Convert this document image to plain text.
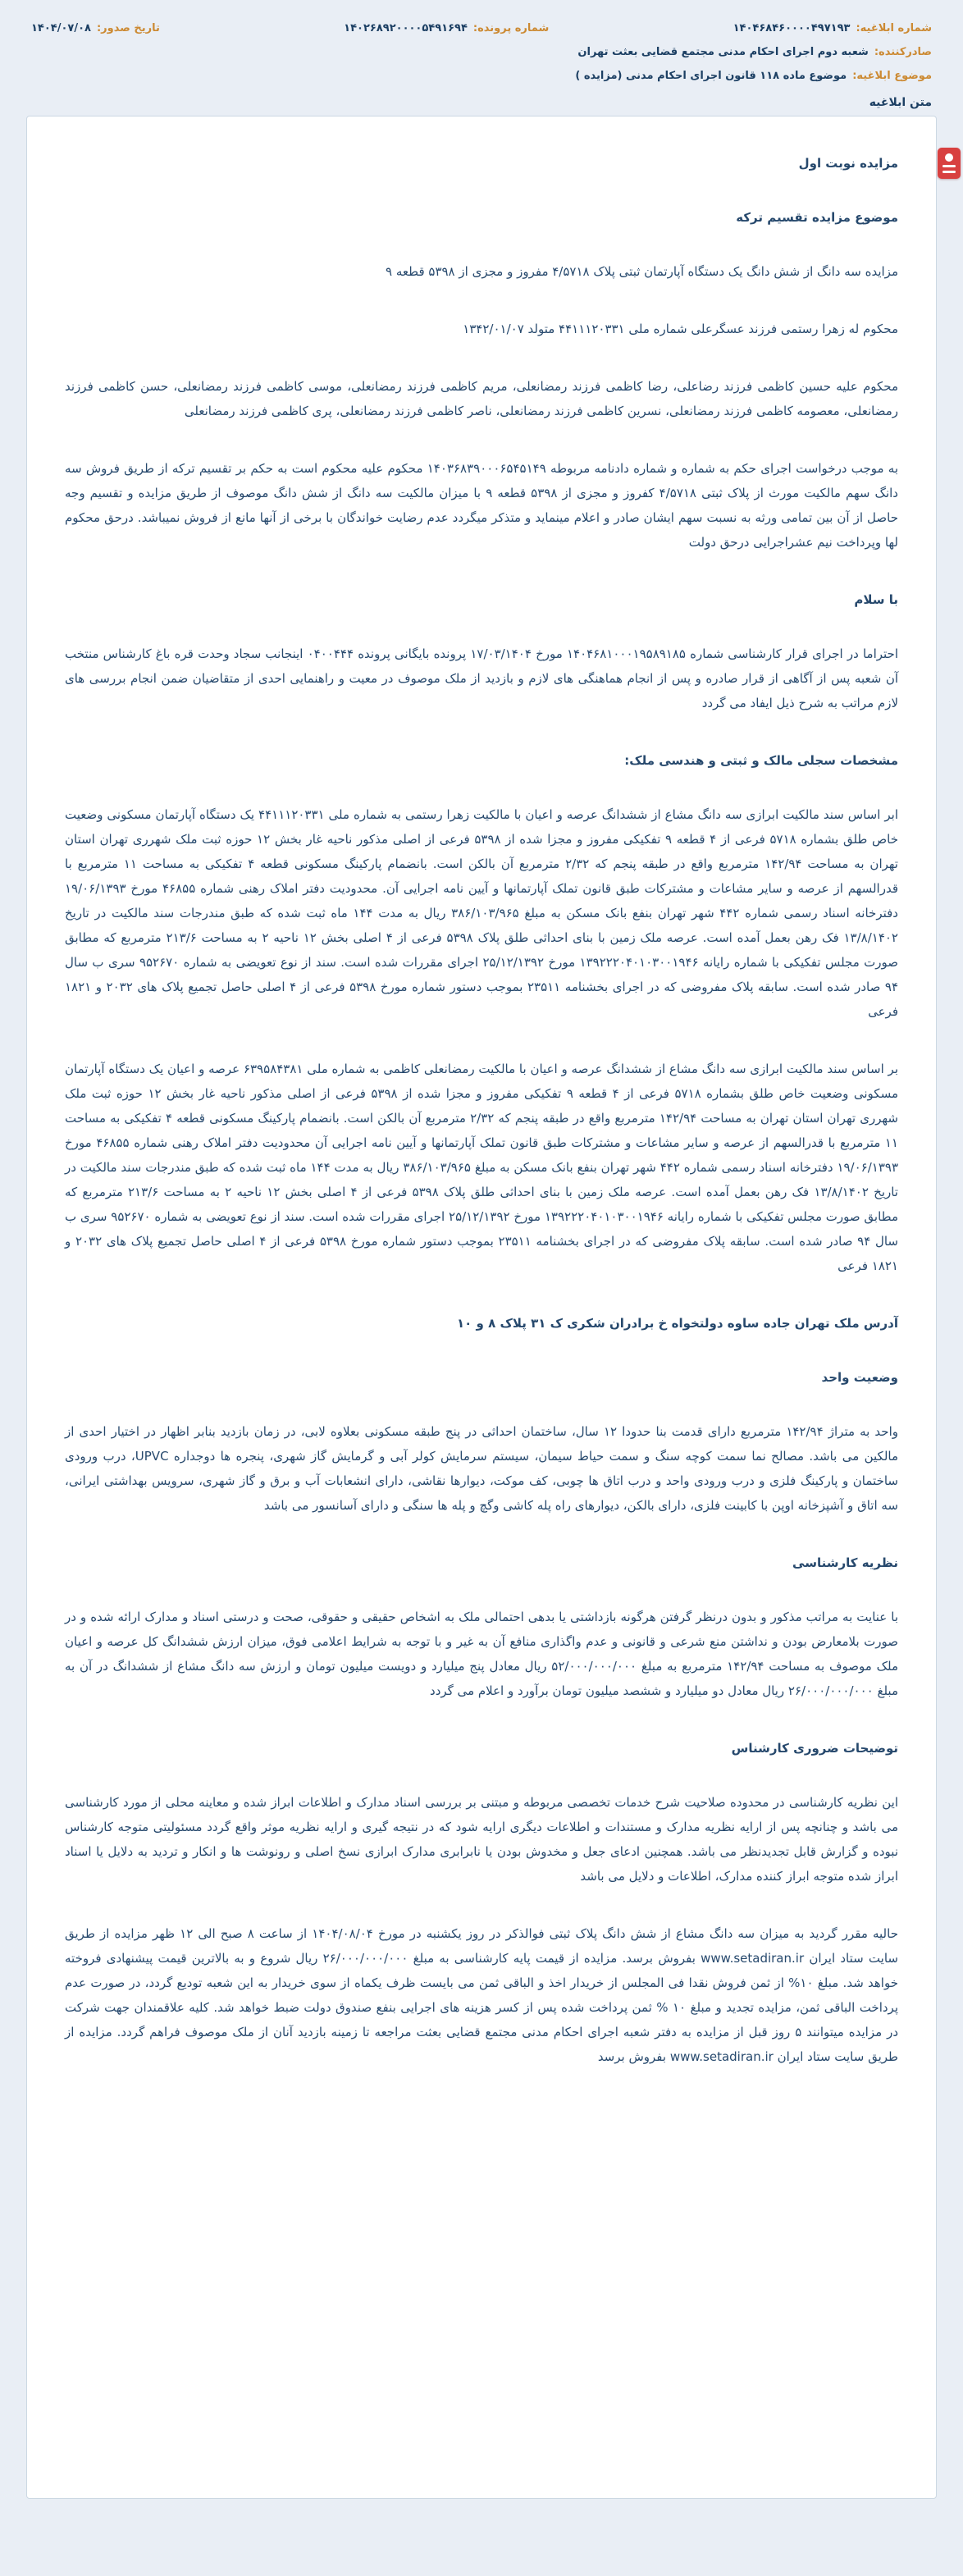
شماره ابلاغیه:
۱۴۰۴۶۸۴۶۰۰۰۰۴۹۷۱۹۳
شماره پرونده:
۱۴۰۲۶۸۹۲۰۰۰۰۵۴۹۱۶۹۴
تاریخ صدور:
۱۴۰۴/۰۷/۰۸
صادرکننده:
شعبه دوم اجرای احکام مدنی مجتمع قضایی بعثت تهران
موضوع ابلاغیه:
موضوع ماده ۱۱۸ قانون اجرای احکام مدنی (مزایده )
متن ابلاغیه

مزایده نوبت اول

موضوع مزایده تقسیم ترکه

مزایده سه دانگ از شش دانگ یک دستگاه آپارتمان ثبتی پلاک ۴/۵۷۱۸ مفروز و مجزی از ۵۳۹۸ قطعه ۹

محکوم له زهرا رستمی فرزند عسگرعلی شماره ملی ۴۴۱۱۱۲۰۳۳۱ متولد ۱۳۴۲/۰۱/۰۷

محکوم علیه حسین کاظمی فرزند رضاعلی، رضا کاظمی فرزند رمضانعلی، مریم کاظمی فرزند رمضانعلی، موسی کاظمی فرزند رمضانعلی، حسن کاظمی فرزند رمضانعلی، معصومه کاظمی فرزند رمضانعلی، نسرین کاظمی فرزند رمضانعلی، ناصر کاظمی فرزند رمضانعلی، پری کاظمی فرزند رمضانعلی

به موجب درخواست اجرای حکم به شماره و شماره دادنامه مربوطه ۱۴۰۳۶۸۳۹۰۰۰۶۵۴۵۱۴۹ محکوم علیه محکوم است به حکم بر تقسیم ترکه از طریق فروش سه دانگ سهم مالکیت مورث از پلاک ثبتی ۴/۵۷۱۸ کفروز و مجزی از ۵۳۹۸ قطعه ۹ با میزان مالکیت سه دانگ از شش دانگ موصوف از طریق مزایده و تقسیم وجه حاصل از آن بین تمامی ورثه به نسبت سهم ایشان صادر و اعلام مینماید و متذکر میگردد عدم رضایت خواندگان با برخی از آنها مانع از فروش نمیباشد. درحق محکوم لها وپرداخت نیم عشراجرایی درحق دولت

با سلام

احتراما در اجرای قرار کارشناسی شماره ۱۴۰۴۶۸۱۰۰۰۱۹۵۸۹۱۸۵ مورخ ۱۷/۰۳/۱۴۰۴ پرونده بایگانی پرونده ۰۴۰۰۴۴۴ اینجانب سجاد وحدت قره باغ کارشناس منتخب آن شعبه پس از آگاهی از قرار صادره و پس از انجام هماهنگی های لازم و بازدید از ملک موصوف در معیت و راهنمایی احدی از متقاضیان ضمن انجام بررسی های لازم مراتب به شرح ذیل ایفاد می گردد

مشخصات سجلی مالک و ثبتی و هندسی ملک:

ابر اساس سند مالکیت ابرازی سه دانگ مشاع از ششدانگ عرصه و اعیان با مالکیت زهرا رستمی به شماره ملی ۴۴۱۱۱۲۰۳۳۱ یک دستگاه آپارتمان مسکونی وضعیت خاص طلق بشماره ۵۷۱۸ فرعی از ۴ قطعه ۹ تفکیکی مفروز و مجزا شده از ۵۳۹۸ فرعی از اصلی مذکور ناحیه غار بخش ۱۲ حوزه ثبت ملک شهرری تهران استان تهران به مساحت ۱۴۲/۹۴ مترمربع واقع در طبقه پنجم که ۲/۳۲ مترمربع آن بالکن است. بانضمام پارکینگ مسکونی قطعه ۴ تفکیکی به مساحت ۱۱ مترمربع با قدرالسهم از عرصه و سایر مشاعات و مشترکات طبق قانون تملک آپارتمانها و آیین نامه اجرایی آن. محدودیت دفتر املاک رهنی شماره ۴۶۸۵۵ مورخ ۱۹/۰۶/۱۳۹۳ دفترخانه اسناد رسمی شماره ۴۴۲ شهر تهران بنفع بانک مسکن به مبلغ ۳۸۶/۱۰۳/۹۶۵ ریال به مدت ۱۴۴ ماه ثبت شده که طبق مندرجات سند مالکیت در تاریخ ۱۳/۸/۱۴۰۲ فک رهن بعمل آمده است. عرصه ملک زمین با بنای احداثی طلق پلاک ۵۳۹۸ فرعی از ۴ اصلی بخش ۱۲ ناحیه ۲ به مساحت ۲۱۳/۶ مترمربع که مطابق صورت مجلس تفکیکی با شماره رایانه ۱۳۹۲۲۲۰۴۰۱۰۳۰۰۱۹۴۶ مورخ ۲۵/۱۲/۱۳۹۲ اجرای مقررات شده است. سند از نوع تعویضی به شماره ۹۵۲۶۷۰ سری ب سال ۹۴ صادر شده است. سابقه پلاک مفروضی که در اجرای بخشنامه ۲۳۵۱۱ بموجب دستور شماره مورخ ۵۳۹۸ فرعی از ۴ اصلی حاصل تجمیع پلاک های ۲۰۳۲ و ۱۸۲۱ فرعی

بر اساس سند مالکیت ابرازی سه دانگ مشاع از ششدانگ عرصه و اعیان با مالکیت رمضانعلی کاظمی به شماره ملی ۶۳۹۵۸۴۳۸۱ عرصه و اعیان یک دستگاه آپارتمان مسکونی وضعیت خاص طلق بشماره ۵۷۱۸ فرعی از ۴ قطعه ۹ تفکیکی مفروز و مجزا شده از ۵۳۹۸ فرعی از اصلی مذکور ناحیه غار بخش ۱۲ حوزه ثبت ملک شهرری تهران استان تهران به مساحت ۱۴۲/۹۴ مترمربع واقع در طبقه پنجم که ۲/۳۲ مترمربع آن بالکن است. بانضمام پارکینگ مسکونی قطعه ۴ تفکیکی به مساحت ۱۱ مترمربع با قدرالسهم از عرصه و سایر مشاعات و مشترکات طبق قانون تملک آپارتمانها و آیین نامه اجرایی آن محدودیت دفتر املاک رهنی شماره ۴۶۸۵۵ مورخ ۱۹/۰۶/۱۳۹۳ دفترخانه اسناد رسمی شماره ۴۴۲ شهر تهران بنفع بانک مسکن به مبلغ ۳۸۶/۱۰۳/۹۶۵ ریال به مدت ۱۴۴ ماه ثبت شده که طبق مندرجات سند مالکیت در تاریخ ۱۳/۸/۱۴۰۲ فک رهن بعمل آمده است. عرصه ملک زمین با بنای احداثی طلق پلاک ۵۳۹۸ فرعی از ۴ اصلی بخش ۱۲ ناحیه ۲ به مساحت ۲۱۳/۶ مترمربع که مطابق صورت مجلس تفکیکی با شماره رایانه ۱۳۹۲۲۲۰۴۰۱۰۳۰۰۱۹۴۶ مورخ ۲۵/۱۲/۱۳۹۲ اجرای مقررات شده است. سند از نوع تعویضی به شماره ۹۵۲۶۷۰ سری ب سال ۹۴ صادر شده است. سابقه پلاک مفروضی که در اجرای بخشنامه ۲۳۵۱۱ بموجب دستور شماره مورخ ۵۳۹۸ فرعی از ۴ اصلی حاصل تجمیع پلاک های ۲۰۳۲ و ۱۸۲۱ فرعی

آدرس ملک تهران جاده ساوه دولتخواه خ برادران شکری ک ۳۱ پلاک ۸ و ۱۰

وضعیت واحد

واحد به متراژ ۱۴۲/۹۴ مترمربع دارای قدمت بنا حدودا ۱۲ سال، ساختمان احداثی در پنج طبقه مسکونی بعلاوه لابی، در زمان بازدید بنابر اظهار در اختیار احدی از مالکین می باشد. مصالح نما سمت کوچه سنگ و سمت حیاط سیمان، سیستم سرمایش کولر آبی و گرمایش گاز شهری، پنجره ها دوجداره UPVC، درب ورودی ساختمان و پارکینگ فلزی و درب ورودی واحد و درب اتاق ها چوبی، کف موکت، دیوارها نقاشی، دارای انشعابات آب و برق و گاز شهری، سرویس بهداشتی ایرانی، سه اتاق و آشپزخانه اوپن با کابینت فلزی، دارای بالکن، دیوارهای راه پله کاشی وگچ و پله ها سنگی و دارای آسانسور می باشد

نظریه کارشناسی

با عنایت به مراتب مذکور و بدون درنظر گرفتن هرگونه بازداشتی یا بدهی احتمالی ملک به اشخاص حقیقی و حقوقی، صحت و درستی اسناد و مدارک ارائه شده و در صورت بلامعارض بودن و نداشتن منع شرعی و قانونی و عدم واگذاری منافع آن به غیر و با توجه به شرایط اعلامی فوق، میزان ارزش ششدانگ کل عرصه و اعیان ملک موصوف به مساحت ۱۴۲/۹۴ مترمربع به مبلغ ۵۲/۰۰۰/۰۰۰/۰۰۰ ریال معادل پنج میلیارد و دویست میلیون تومان و ارزش سه دانگ مشاع از ششدانگ در آن به مبلغ ۲۶/۰۰۰/۰۰۰/۰۰۰ ریال معادل دو میلیارد و ششصد میلیون تومان برآورد و اعلام می گردد

توضیحات ضروری کارشناس

این نظریه کارشناسی در محدوده صلاحیت شرح خدمات تخصصی مربوطه و مبتنی بر بررسی اسناد مدارک و اطلاعات ابراز شده و معاینه محلی از مورد کارشناسی می باشد و چنانچه پس از ارایه نظریه مدارک و مستندات و اطلاعات دیگری ارایه شود که در نتیجه گیری و ارایه نظریه موثر واقع گردد مسئولیتی متوجه کارشناس نبوده و گزارش قابل تجدیدنظر می باشد. همچنین ادعای جعل و مخدوش بودن یا نابرابری مدارک ابرازی نسخ اصلی و رونوشت ها و انکار و تردید به دلایل یا اسناد ابراز شده متوجه ابراز کننده مدارک، اطلاعات و دلایل می باشد

حالیه مقرر گردید به میزان سه دانگ مشاع از شش دانگ پلاک ثبتی فوالذکر در روز یکشنبه در مورخ ۱۴۰۴/۰۸/۰۴ از ساعت ۸ صبح الی ۱۲ ظهر مزایده از طریق سایت ستاد ایران www.setadiran.ir بفروش برسد. مزایده از قیمت پایه کارشناسی به مبلغ ۲۶/۰۰۰/۰۰۰/۰۰۰ ریال شروع و به بالاترین قیمت پیشنهادی فروخته خواهد شد. مبلغ ۱۰% از ثمن فروش نقدا فی المجلس از خریدار اخذ و الباقی ثمن می بایست ظرف یکماه از سوی خریدار به این شعبه تودیع گردد، در صورت عدم پرداخت الباقی ثمن، مزایده تجدید و مبلغ ۱۰ % ثمن پرداخت شده پس از کسر هزینه های اجرایی بنفع صندوق دولت ضبط خواهد شد. کلیه علاقمندان جهت شرکت در مزایده میتوانند ۵ روز قبل از مزایده به دفتر شعبه اجرای احکام مدنی مجتمع قضایی بعثت مراجعه تا زمینه بازدید آنان از ملک موصوف فراهم گردد. مزایده از طریق سایت ستاد ایران www.setadiran.ir بفروش برسد
